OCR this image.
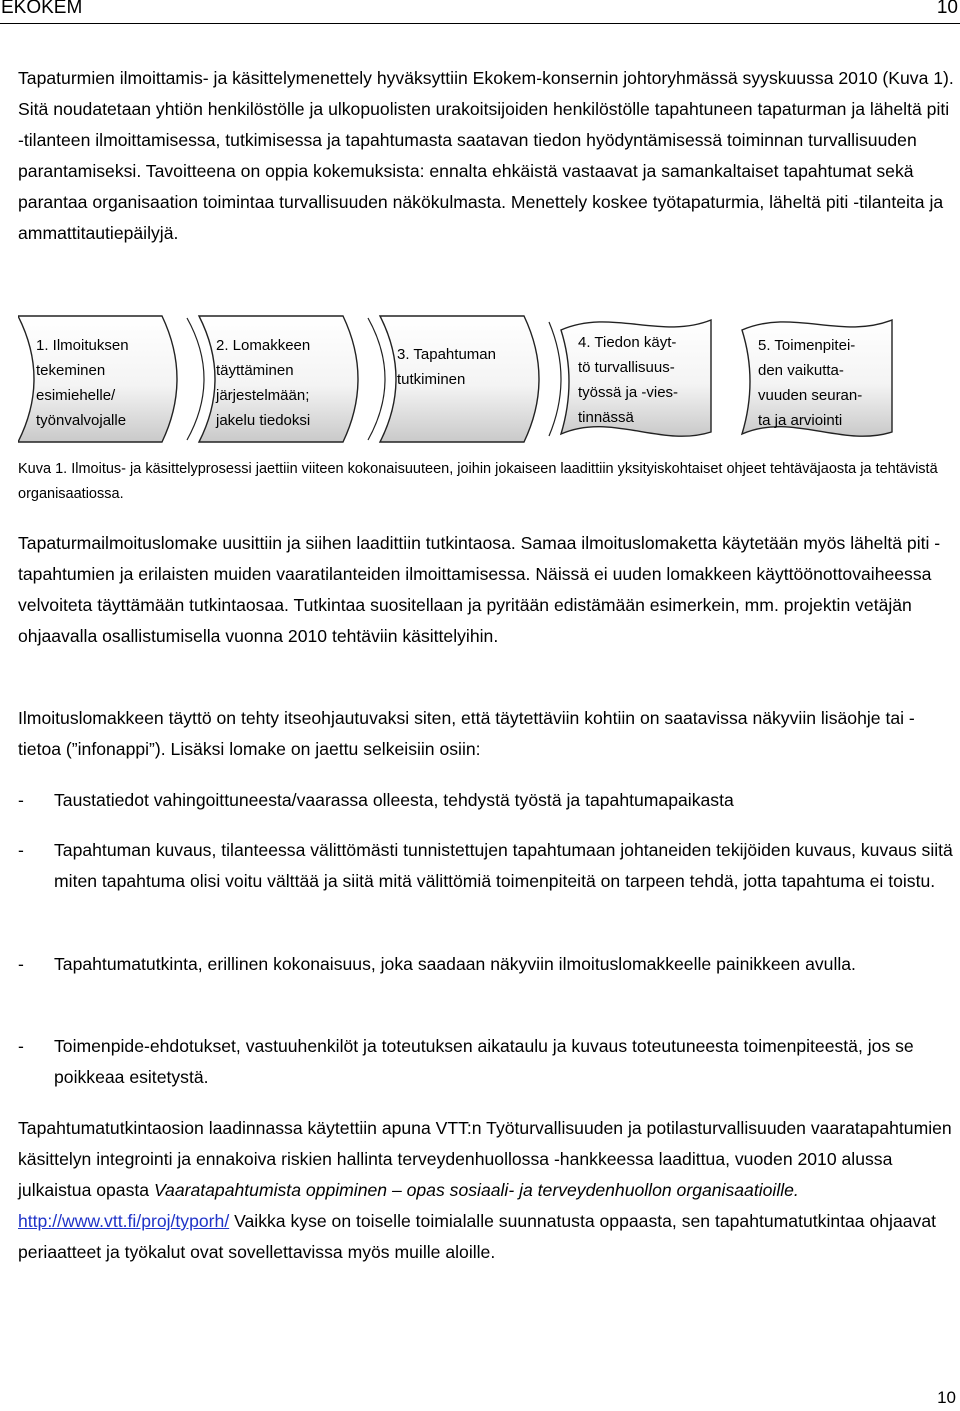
EKOKEM	10

Tapaturmien ilmoittamis- ja käsittelymenettely hyväksyttiin Ekokem-konsernin johtoryhmässä syyskuussa 2010 (Kuva 1). Sitä noudatetaan yhtiön henkilöstölle ja ulkopuolisten urakoitsijoiden henkilöstölle tapahtuneen tapaturman ja läheltä piti -tilanteen ilmoittamisessa, tutkimisessa ja tapahtumasta saatavan tiedon hyödyntämisessä toiminnan turvallisuuden parantamiseksi. Tavoitteena on oppia kokemuksista: ennalta ehkäistä vastaavat ja samankaltaiset tapahtumat sekä parantaa organisaation toimintaa turvallisuuden näkökulmasta. Menettely koskee työtapaturmia, läheltä piti -tilanteita ja ammattitautiepäilyjä.

1. Ilmoituksen
tekeminen
esimiehelle/
työnvalvojalle
2. Lomakkeen
täyttäminen
järjestelmään;
jakelu tiedoksi
3. Tapahtuman
tutkiminen
4. Tiedon käyt-
tö turvallisuus-
työssä ja -vies-
tinnässä
5. Toimenpitei-
den vaikutta-
vuuden seuran-
ta ja arviointi

Kuva 1. Ilmoitus- ja käsittelyprosessi jaettiin viiteen kokonaisuuteen, joihin jokaiseen laadittiin yksityiskohtaiset ohjeet tehtäväjaosta ja tehtävistä organisaatiossa.

Tapaturmailmoituslomake uusittiin ja siihen laadittiin tutkintaosa. Samaa ilmoituslomaketta käytetään myös läheltä piti -tapahtumien ja erilaisten muiden vaaratilanteiden ilmoittamisessa. Näissä ei uuden lomakkeen käyttöönottovaiheessa velvoiteta täyttämään tutkintaosaa. Tutkintaa suositellaan ja pyritään edistämään esimerkein, mm. projektin vetäjän ohjaavalla osallistumisella vuonna 2010 tehtäviin käsittelyihin.

Ilmoituslomakkeen täyttö on tehty itseohjautuvaksi siten, että täytettäviin kohtiin on saatavissa näkyviin lisäohje tai -tietoa (”infonappi”). Lisäksi lomake on jaettu selkeisiin osiin:

- Taustatiedot vahingoittuneesta/vaarassa olleesta, tehdystä työstä ja tapahtumapaikasta
- Tapahtuman kuvaus, tilanteessa välittömästi tunnistettujen tapahtumaan johtaneiden tekijöiden kuvaus, kuvaus siitä miten tapahtuma olisi voitu välttää ja siitä mitä välittömiä toimenpiteitä on tarpeen tehdä, jotta tapahtuma ei toistu.
- Tapahtumatutkinta, erillinen kokonaisuus, joka saadaan näkyviin ilmoituslomakkeelle painikkeen avulla.
- Toimenpide-ehdotukset, vastuuhenkilöt ja toteutuksen aikataulu ja kuvaus toteutuneesta toimenpiteestä, jos se poikkeaa esitetystä.

Tapahtumatutkintaosion laadinnassa käytettiin apuna VTT:n Työturvallisuuden ja potilasturvallisuuden vaaratapahtumien käsittelyn integrointi ja ennakoiva riskien hallinta terveydenhuollossa -hankkeessa laadittua, vuoden 2010 alussa julkaistua opasta Vaaratapahtumista oppiminen – opas sosiaali- ja terveydenhuollon organisaatioille. http://www.vtt.fi/proj/typorh/ Vaikka kyse on toiselle toimialalle suunnatusta oppaasta, sen tapahtumatutkintaa ohjaavat periaatteet ja työkalut ovat sovellettavissa myös muille aloille.

10
